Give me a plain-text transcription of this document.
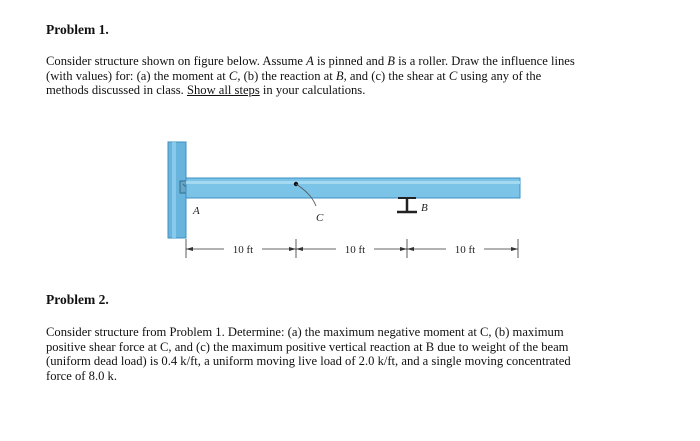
Problem 1.
Consider structure shown on figure below. Assume A is pinned and B is a roller. Draw the influence lines
(with values) for: (a) the moment at C, (b) the reaction at B, and (c) the shear at C using any of the
methods discussed in class. Show all steps in your calculations.
A
C
B
10 ft	10 ft	10 ft
Problem 2.
Consider structure from Problem 1. Determine: (a) the maximum negative moment at C, (b) maximum
positive shear force at C, and (c) the maximum positive vertical reaction at B due to weight of the beam
(uniform dead load) is 0.4 k/ft, a uniform moving live load of 2.0 k/ft, and a single moving concentrated
force of 8.0 k.
